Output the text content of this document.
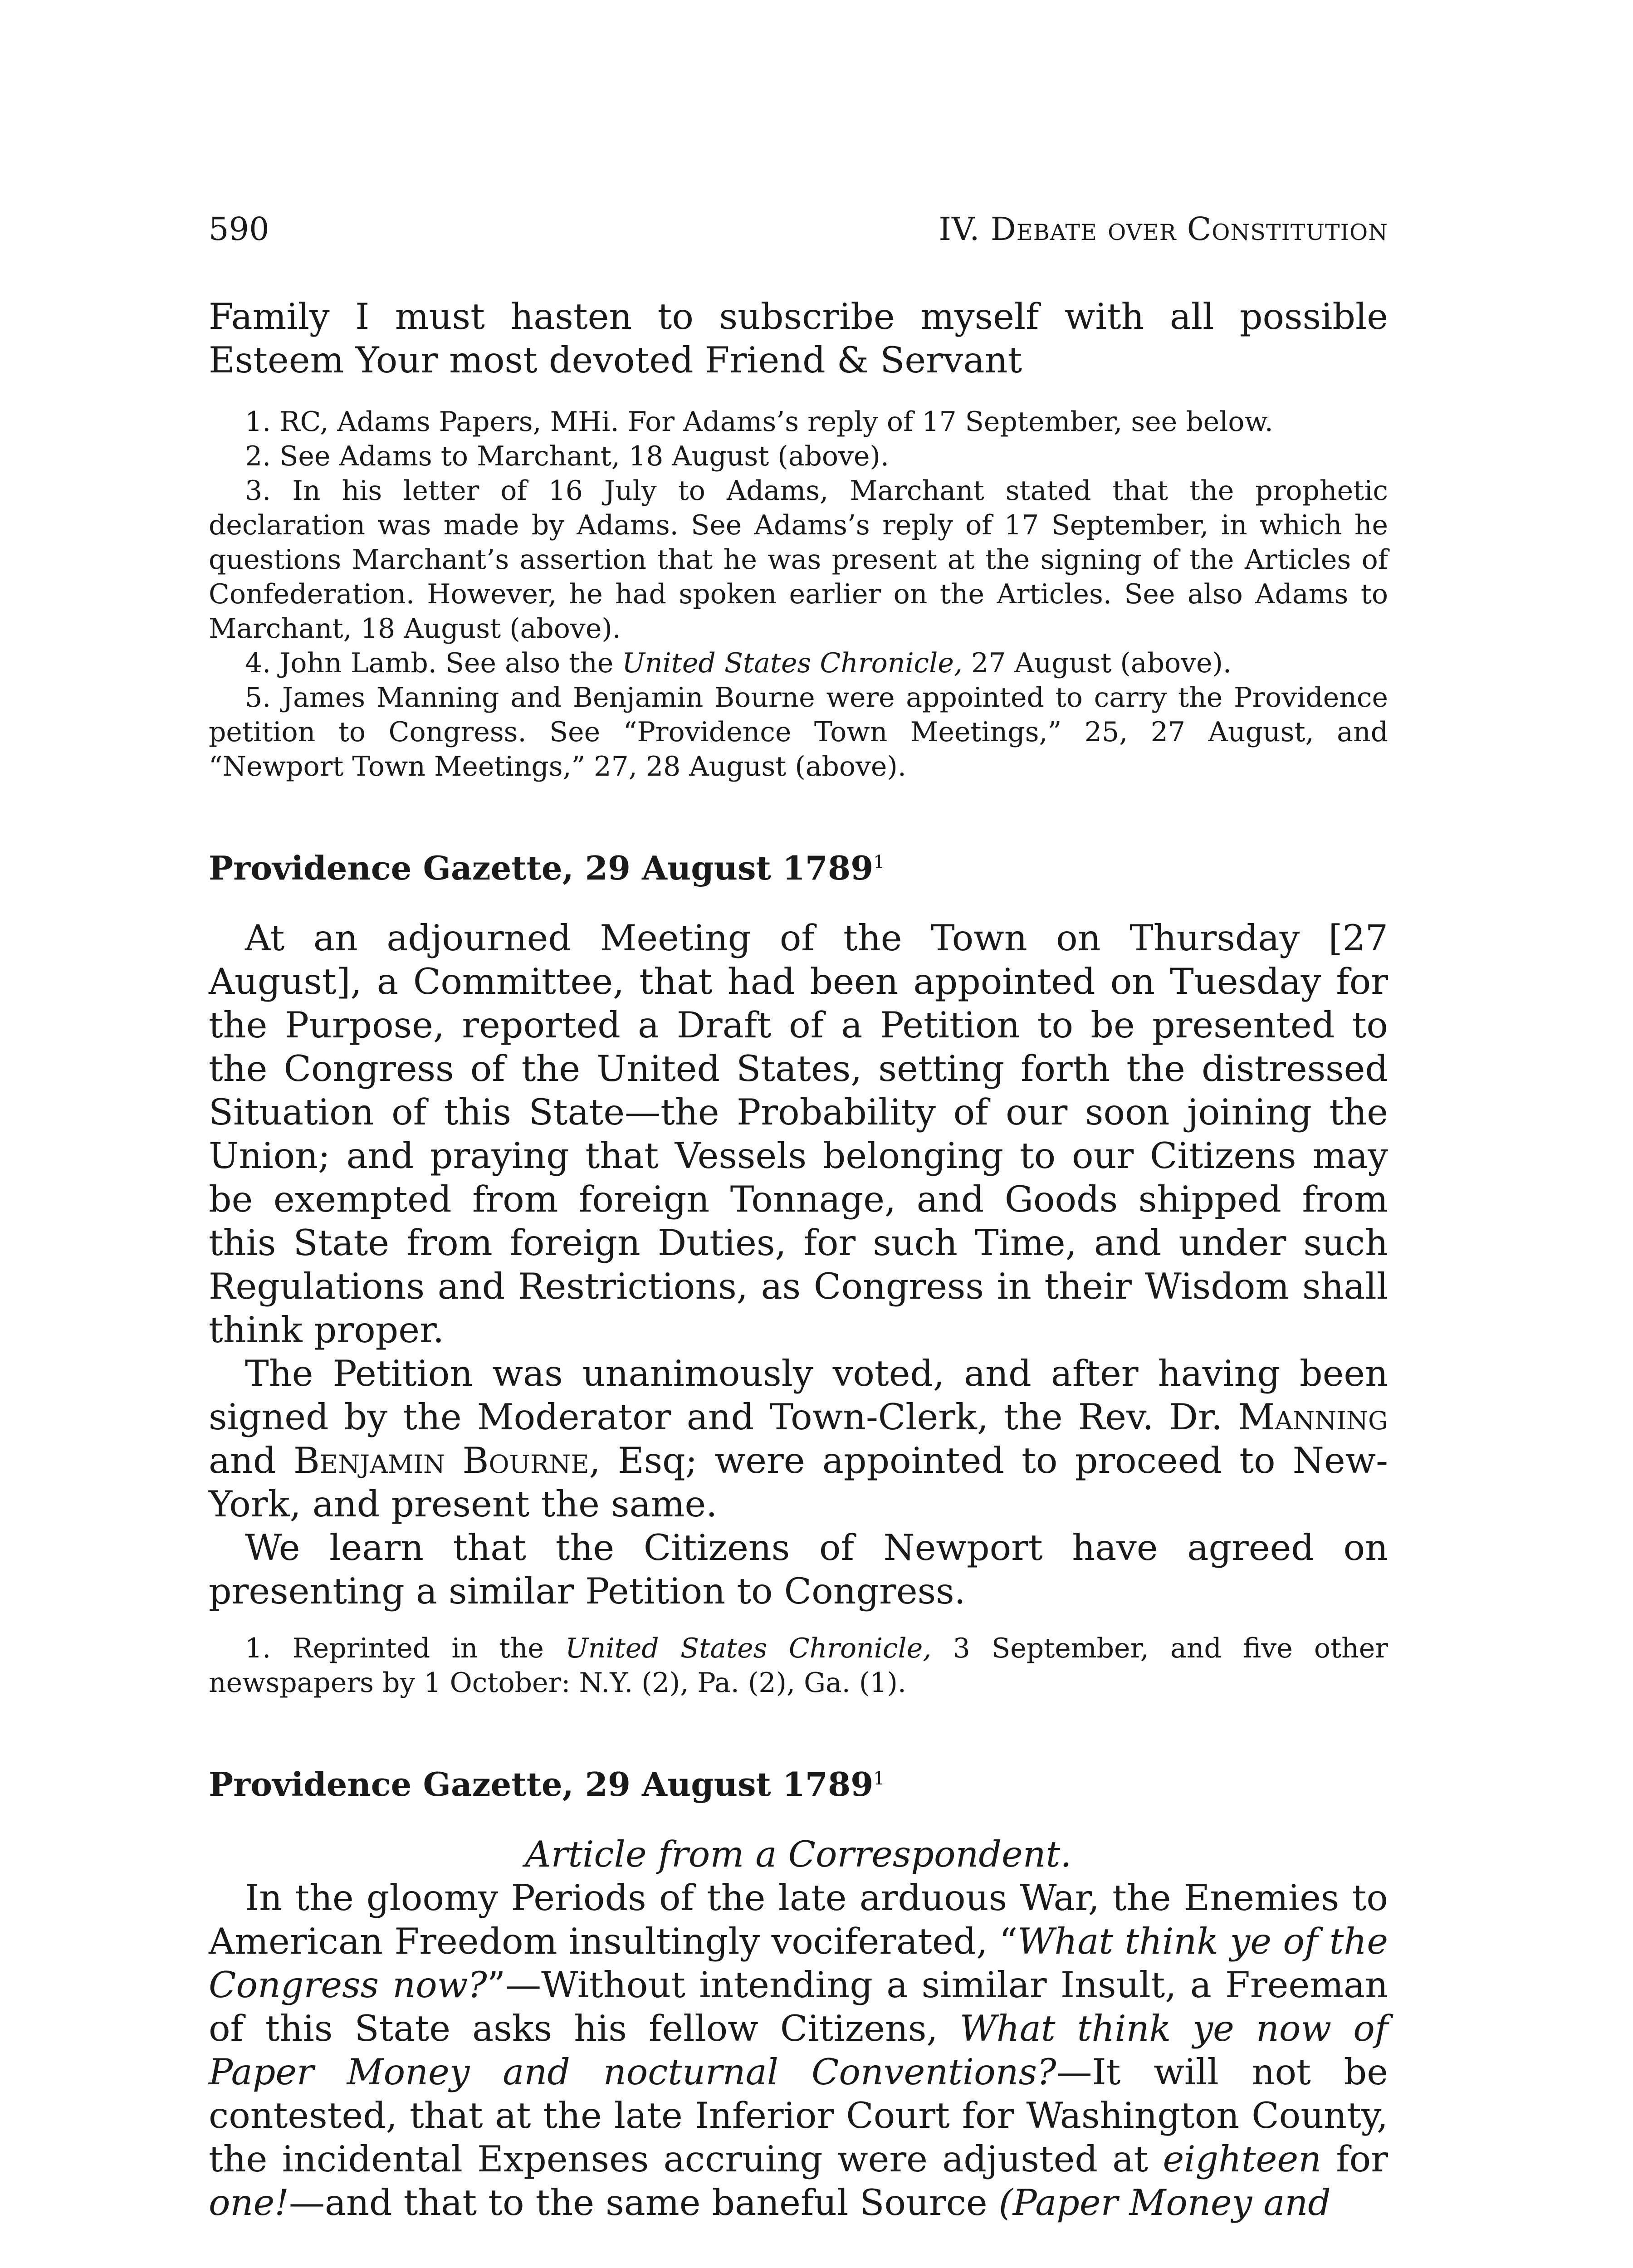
590	IV. Debate over Constitution

Family I must hasten to subscribe myself with all possible Esteem Your most devoted Friend & Servant

1. RC, Adams Papers, MHi. For Adams’s reply of 17 September, see below.

2. See Adams to Marchant, 18 August (above).

3. In his letter of 16 July to Adams, Marchant stated that the prophetic declaration was made by Adams. See Adams’s reply of 17 September, in which he questions Marchant’s assertion that he was present at the signing of the Articles of Confederation. However, he had spoken earlier on the Articles. See also Adams to Marchant, 18 August (above).

4. John Lamb. See also the United States Chronicle, 27 August (above).

5. James Manning and Benjamin Bourne were appointed to carry the Providence petition to Congress. See “Providence Town Meetings,” 25, 27 August, and “Newport Town Meetings,” 27, 28 August (above).

Providence Gazette, 29 August 1789$^1$

At an adjourned Meeting of the Town on Thursday [27 August], a Committee, that had been appointed on Tuesday for the Purpose, reported a Draft of a Petition to be presented to the Congress of the United States, setting forth the distressed Situation of this State—the Probability of our soon joining the Union; and praying that Vessels belonging to our Citizens may be exempted from foreign Tonnage, and Goods shipped from this State from foreign Duties, for such Time, and under such Regulations and Restrictions, as Congress in their Wisdom shall think proper.

The Petition was unanimously voted, and after having been signed by the Moderator and Town-Clerk, the Rev. Dr. Manning and Benjamin Bourne, Esq; were appointed to proceed to New-York, and present the same.

We learn that the Citizens of Newport have agreed on presenting a similar Petition to Congress.

1. Reprinted in the United States Chronicle, 3 September, and five other newspapers by 1 October: N.Y. (2), Pa. (2), Ga. (1).

Providence Gazette, 29 August 1789$^1$

Article from a Correspondent.

In the gloomy Periods of the late arduous War, the Enemies to American Freedom insultingly vociferated, “What think ye of the Congress now?”—Without intending a similar Insult, a Freeman of this State asks his fellow Citizens, What think ye now of Paper Money and nocturnal Conventions?—It will not be contested, that at the late Inferior Court for Washington County, the incidental Expenses accruing were adjusted at eighteen for one!—and that to the same baneful Source (Paper Money and
